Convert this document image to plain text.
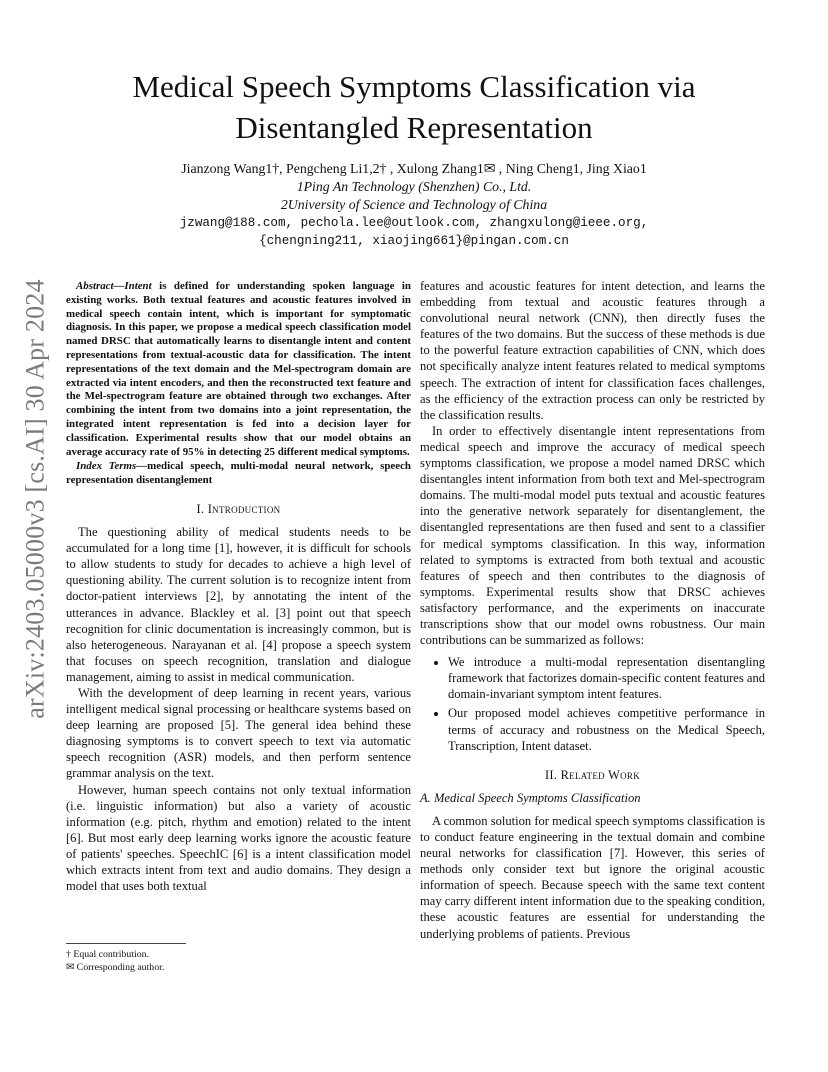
arXiv:2403.05000v3 [cs.AI] 30 Apr 2024
Medical Speech Symptoms Classification via Disentangled Representation
Jianzong Wang1†, Pengcheng Li1,2† , Xulong Zhang1✉ , Ning Cheng1, Jing Xiao1
1Ping An Technology (Shenzhen) Co., Ltd.
2University of Science and Technology of China
jzwang@188.com, pechola.lee@outlook.com, zhangxulong@ieee.org,
{chengning211, xiaojing661}@pingan.com.cn

Abstract—Intent is defined for understanding spoken language in existing works. Both textual features and acoustic features involved in medical speech contain intent, which is important for symptomatic diagnosis. In this paper, we propose a medical speech classification model named DRSC that automatically learns to disentangle intent and content representations from textual-acoustic data for classification. The intent representations of the text domain and the Mel-spectrogram domain are extracted via intent encoders, and then the reconstructed text feature and the Mel-spectrogram feature are obtained through two exchanges. After combining the intent from two domains into a joint representation, the integrated intent representation is fed into a decision layer for classification. Experimental results show that our model obtains an average accuracy rate of 95% in detecting 25 different medical symptoms.

Index Terms—medical speech, multi-modal neural network, speech representation disentanglement

I. Introduction

The questioning ability of medical students needs to be accumulated for a long time [1], however, it is difficult for schools to allow students to study for decades to achieve a high level of questioning ability. The current solution is to recognize intent from doctor-patient interviews [2], by annotating the intent of the utterances in advance. Blackley et al. [3] point out that speech recognition for clinic documentation is increasingly common, but is also heterogeneous. Narayanan et al. [4] propose a speech system that focuses on speech recognition, translation and dialogue management, aiming to assist in medical communication.

With the development of deep learning in recent years, various intelligent medical signal processing or healthcare systems based on deep learning are proposed [5]. The general idea behind these diagnosing symptoms is to convert speech to text via automatic speech recognition (ASR) models, and then perform sentence grammar analysis on the text.

However, human speech contains not only textual information (i.e. linguistic information) but also a variety of acoustic information (e.g. pitch, rhythm and emotion) related to the intent [6]. But most early deep learning works ignore the acoustic feature of patients' speeches. SpeechIC [6] is a intent classification model which extracts intent from text and audio domains. They design a model that uses both textual

features and acoustic features for intent detection, and learns the embedding from textual and acoustic features through a convolutional neural network (CNN), then directly fuses the features of the two domains. But the success of these methods is due to the powerful feature extraction capabilities of CNN, which does not specifically analyze intent features related to medical symptoms speech. The extraction of intent for classification faces challenges, as the efficiency of the extraction process can only be restricted by the classification results.

In order to effectively disentangle intent representations from medical speech and improve the accuracy of medical speech symptoms classification, we propose a model named DRSC which disentangles intent information from both text and Mel-spectrogram domains. The multi-modal model puts textual and acoustic features into the generative network separately for disentanglement, the disentangled representations are then fused and sent to a classifier for medical symptoms classification. In this way, information related to symptoms is extracted from both textual and acoustic features of speech and then contributes to the diagnosis of symptoms. Experimental results show that DRSC achieves satisfactory performance, and the experiments on inaccurate transcriptions show that our model owns robustness. Our main contributions can be summarized as follows:

• We introduce a multi-modal representation disentangling framework that factorizes domain-specific content features and domain-invariant symptom intent features.
• Our proposed model achieves competitive performance in terms of accuracy and robustness on the Medical Speech, Transcription, Intent dataset.
II. Related Work
A. Medical Speech Symptoms Classification

A common solution for medical speech symptoms classification is to conduct feature engineering in the textual domain and combine neural networks for classification [7]. However, this series of methods only consider text but ignore the original acoustic information of speech. Because speech with the same text content may carry different intent information due to the speaking condition, these acoustic features are essential for understanding the underlying problems of patients. Previous

† Equal contribution.
✉ Corresponding author.
